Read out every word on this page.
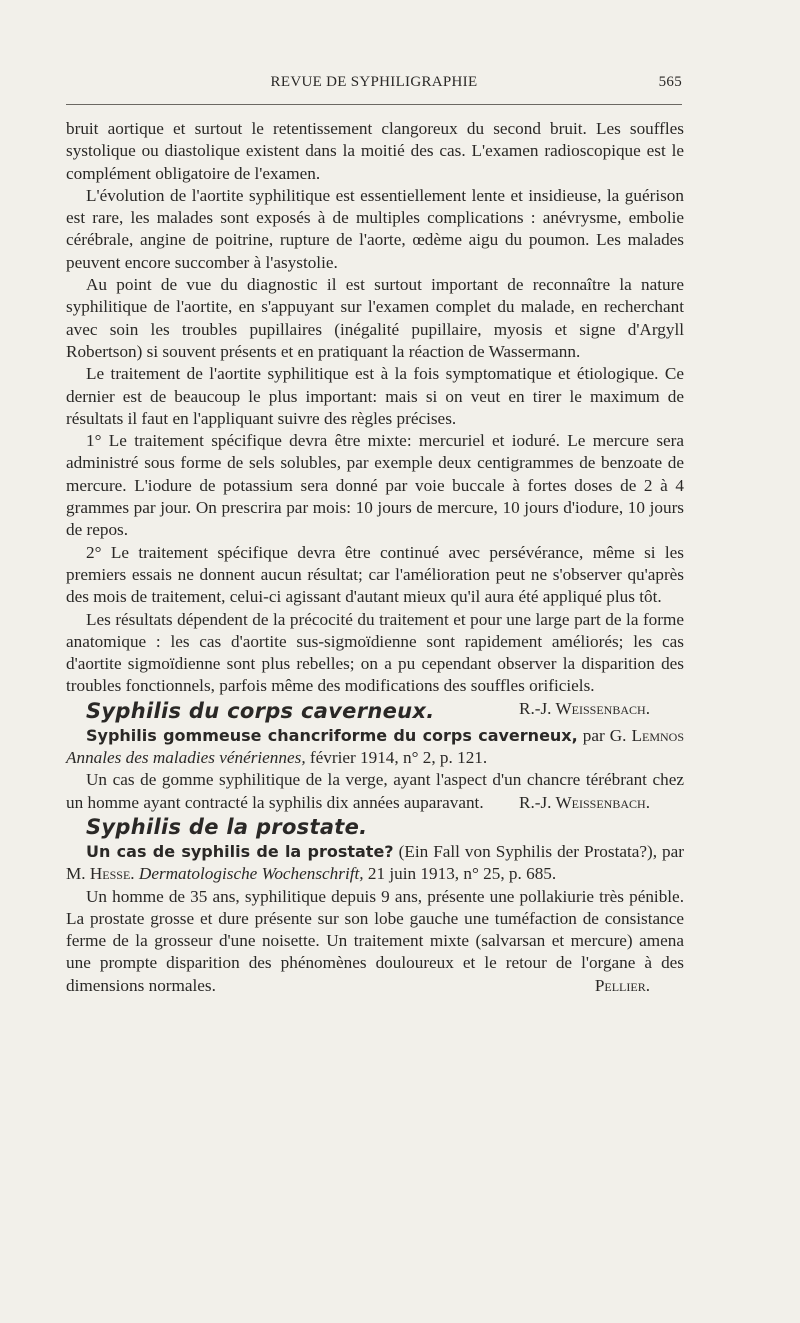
REVUE DE SYPHILIGRAPHIE	565

bruit aortique et surtout le retentissement clangoreux du second bruit. Les souffles systolique ou diastolique existent dans la moitié des cas. L'examen radioscopique est le complément obligatoire de l'examen.

L'évolution de l'aortite syphilitique est essentiellement lente et insidieuse, la guérison est rare, les malades sont exposés à de multiples complications : anévrysme, embolie cérébrale, angine de poitrine, rupture de l'aorte, œdème aigu du poumon. Les malades peuvent encore succomber à l'asystolie.

Au point de vue du diagnostic il est surtout important de reconnaître la nature syphilitique de l'aortite, en s'appuyant sur l'examen complet du malade, en recherchant avec soin les troubles pupillaires (inégalité pupillaire, myosis et signe d'Argyll Robertson) si souvent présents et en pratiquant la réaction de Wassermann.

Le traitement de l'aortite syphilitique est à la fois symptomatique et étiologique. Ce dernier est de beaucoup le plus important: mais si on veut en tirer le maximum de résultats il faut en l'appliquant suivre des règles précises.

1° Le traitement spécifique devra être mixte: mercuriel et ioduré. Le mercure sera administré sous forme de sels solubles, par exemple deux centigrammes de benzoate de mercure. L'iodure de potassium sera donné par voie buccale à fortes doses de 2 à 4 grammes par jour. On prescrira par mois: 10 jours de mercure, 10 jours d'iodure, 10 jours de repos.

2° Le traitement spécifique devra être continué avec persévérance, même si les premiers essais ne donnent aucun résultat; car l'amélioration peut ne s'observer qu'après des mois de traitement, celui-ci agissant d'autant mieux qu'il aura été appliqué plus tôt.

Les résultats dépendent de la précocité du traitement et pour une large part de la forme anatomique : les cas d'aortite sus-sigmoïdienne sont rapidement améliorés; les cas d'aortite sigmoïdienne sont plus rebelles; on a pu cependant observer la disparition des troubles fonctionnels, parfois même des modifications des souffles orificiels.
R.-J. Weissenbach.

Syphilis du corps caverneux.

Syphilis gommeuse chancriforme du corps caverneux, par G. Lemnos Annales des maladies vénériennes, février 1914, n° 2, p. 121.

Un cas de gomme syphilitique de la verge, ayant l'aspect d'un chancre térébrant chez un homme ayant contracté la syphilis dix années auparavant.	R.-J. Weissenbach.

Syphilis de la prostate.

Un cas de syphilis de la prostate? (Ein Fall von Syphilis der Prostata?), par M. Hesse. Dermatologische Wochenschrift, 21 juin 1913, n° 25, p. 685.

Un homme de 35 ans, syphilitique depuis 9 ans, présente une pollakiurie très pénible. La prostate grosse et dure présente sur son lobe gauche une tuméfaction de consistance ferme de la grosseur d'une noisette. Un traitement mixte (salvarsan et mercure) amena une prompte disparition des phénomènes douloureux et le retour de l'organe à des dimensions normales.	Pellier.
